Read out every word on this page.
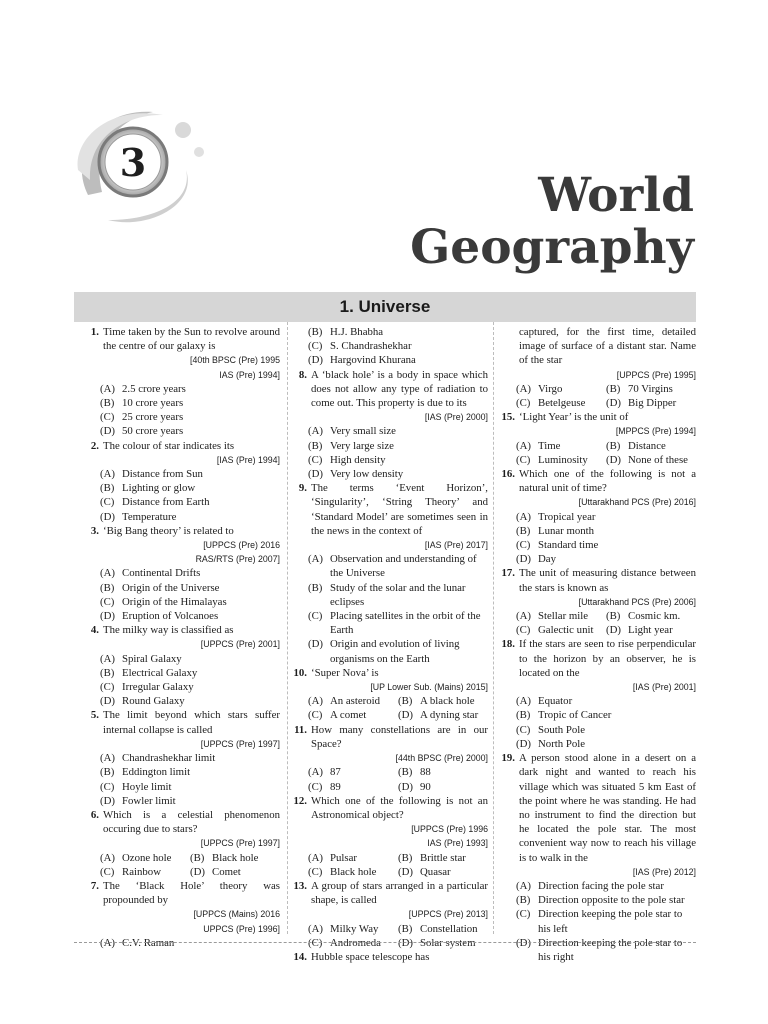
3
World
Geography
1. Universe
1. Time taken by the Sun to revolve around the centre of our galaxy is
[40th BPSC (Pre) 1995
IAS (Pre) 1994]
(A) 2.5 crore years
(B) 10 crore years
(C) 25 crore years
(D) 50 crore years
2. The colour of star indicates its
[IAS (Pre) 1994]
(A) Distance from Sun
(B) Lighting or glow
(C) Distance from Earth
(D) Temperature
3. ‘Big Bang theory’ is related to
[UPPCS (Pre) 2016
RAS/RTS (Pre) 2007]
(A) Continental Drifts
(B) Origin of the Universe
(C) Origin of the Himalayas
(D) Eruption of Volcanoes
4. The milky way is classified as
[UPPCS (Pre) 2001]
(A) Spiral Galaxy
(B) Electrical Galaxy
(C) Irregular Galaxy
(D) Round Galaxy
5. The limit beyond which stars suffer internal collapse is called
[UPPCS (Pre) 1997]
(A) Chandrashekhar limit
(B) Eddington limit
(C) Hoyle limit
(D) Fowler limit
6. Which is a celestial phenomenon occuring due to stars?
[UPPCS (Pre) 1997]
(A) Ozone hole	(B) Black hole
(C) Rainbow	(D) Comet
7. The ‘Black Hole’ theory was propounded by
[UPPCS (Mains) 2016
UPPCS (Pre) 1996]
(A) C.V. Raman
(B) H.J. Bhabha
(C) S. Chandrashekhar
(D) Hargovind Khurana
8. A ‘black hole’ is a body in space which does not allow any type of radiation to come out. This property is due to its
[IAS (Pre) 2000]
(A) Very small size
(B) Very large size
(C) High density
(D) Very low density
9. The terms ‘Event Horizon’, ‘Singularity’, ‘String Theory’ and ‘Standard Model’ are sometimes seen in the news in the context of
[IAS (Pre) 2017]
(A) Observation and understanding of the Universe
(B) Study of the solar and the lunar eclipses
(C) Placing satellites in the orbit of the Earth
(D) Origin and evolution of living organisms on the Earth
10. ‘Super Nova’ is
[UP Lower Sub. (Mains) 2015]
(A) An asteroid	(B) A black hole
(C) A comet	(D) A dyning star
11. How many constellations are in our Space?
[44th BPSC (Pre) 2000]
(A) 87	(B) 88
(C) 89	(D) 90
12. Which one of the following is not an Astronomical object?
[UPPCS (Pre) 1996
IAS (Pre) 1993]
(A) Pulsar	(B) Brittle star
(C) Black hole	(D) Quasar
13. A group of stars arranged in a particular shape, is called
[UPPCS (Pre) 2013]
(A) Milky Way	(B) Constellation
(C) Andromeda	(D) Solar system
14. Hubble space telescope has
captured, for the first time, detailed image of surface of a distant star. Name of the star
[UPPCS (Pre) 1995]
(A) Virgo	(B) 70 Virgins
(C) Betelgeuse	(D) Big Dipper
15. ‘Light Year’ is the unit of
[MPPCS (Pre) 1994]
(A) Time	(B) Distance
(C) Luminosity	(D) None of these
16. Which one of the following is not a natural unit of time?
[Uttarakhand PCS (Pre) 2016]
(A) Tropical year
(B) Lunar month
(C) Standard time
(D) Day
17. The unit of measuring distance between the stars is known as
[Uttarakhand PCS (Pre) 2006]
(A) Stellar mile	(B) Cosmic km.
(C) Galectic unit	(D) Light year
18. If the stars are seen to rise perpendicular to the horizon by an observer, he is located on the
[IAS (Pre) 2001]
(A) Equator
(B) Tropic of Cancer
(C) South Pole
(D) North Pole
19. A person stood alone in a desert on a dark night and wanted to reach his village which was situated 5 km East of the point where he was standing. He had no instrument to find the direction but he located the pole star. The most convenient way now to reach his village is to walk in the
[IAS (Pre) 2012]
(A) Direction facing the pole star
(B) Direction opposite to the pole star
(C) Direction keeping the pole star to his left
(D) Direction keeping the pole star to his right
